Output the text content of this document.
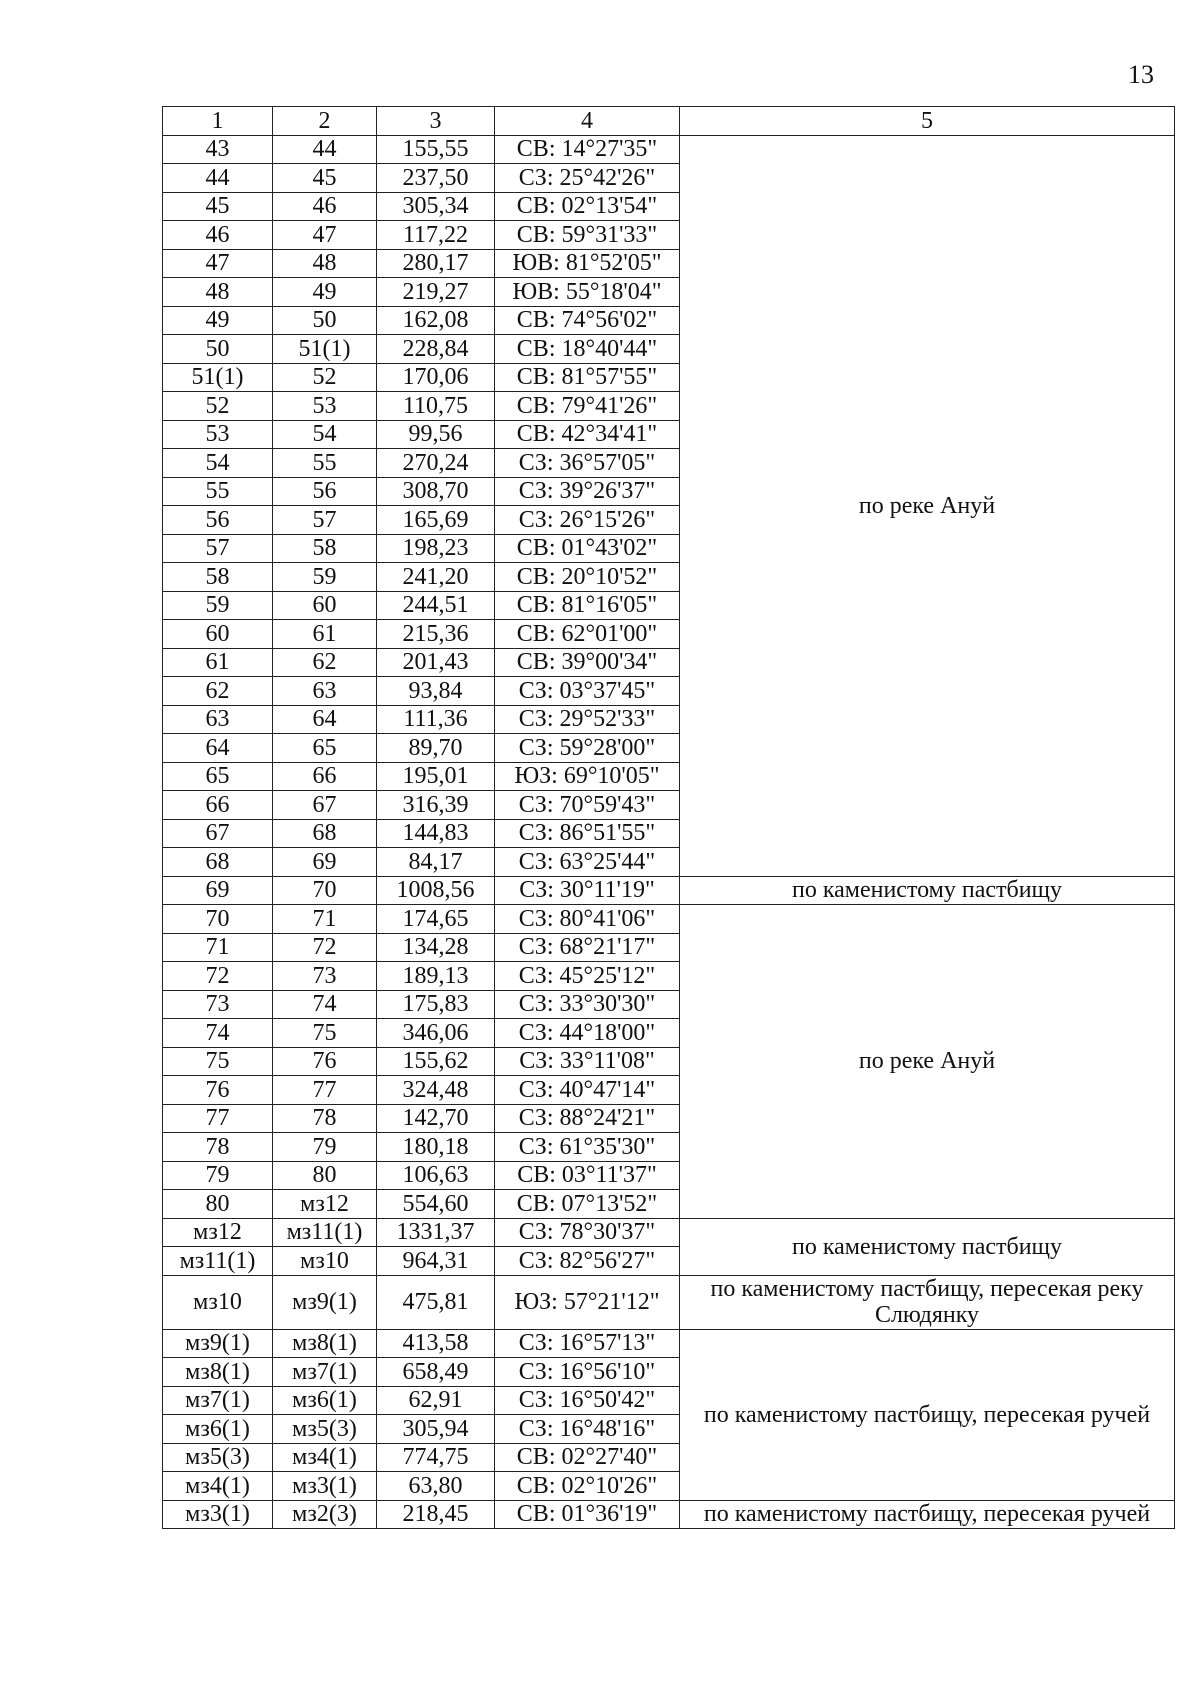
13
1	2	3	4	5
43	44	155,55	СВ: 14°27'35"	по реке Ануй
44	45	237,50	СЗ: 25°42'26"	
45	46	305,34	СВ: 02°13'54"	
46	47	117,22	СВ: 59°31'33"	
47	48	280,17	ЮВ: 81°52'05"	
48	49	219,27	ЮВ: 55°18'04"	
49	50	162,08	СВ: 74°56'02"	
50	51(1)	228,84	СВ: 18°40'44"	
51(1)	52	170,06	СВ: 81°57'55"	
52	53	110,75	СВ: 79°41'26"	
53	54	99,56	СВ: 42°34'41"	
54	55	270,24	СЗ: 36°57'05"	
55	56	308,70	СЗ: 39°26'37"	
56	57	165,69	СЗ: 26°15'26"	
57	58	198,23	СВ: 01°43'02"	
58	59	241,20	СВ: 20°10'52"	
59	60	244,51	СВ: 81°16'05"	
60	61	215,36	СВ: 62°01'00"	
61	62	201,43	СВ: 39°00'34"	
62	63	93,84	СЗ: 03°37'45"	
63	64	111,36	СЗ: 29°52'33"	
64	65	89,70	СЗ: 59°28'00"	
65	66	195,01	ЮЗ: 69°10'05"	
66	67	316,39	СЗ: 70°59'43"	
67	68	144,83	СЗ: 86°51'55"	
68	69	84,17	СЗ: 63°25'44"	
69	70	1008,56	СЗ: 30°11'19"	по каменистому пастбищу
70	71	174,65	СЗ: 80°41'06"	по реке Ануй
71	72	134,28	СЗ: 68°21'17"	
72	73	189,13	СЗ: 45°25'12"	
73	74	175,83	СЗ: 33°30'30"	
74	75	346,06	СЗ: 44°18'00"	
75	76	155,62	СЗ: 33°11'08"	
76	77	324,48	СЗ: 40°47'14"	
77	78	142,70	СЗ: 88°24'21"	
78	79	180,18	СЗ: 61°35'30"	
79	80	106,63	СВ: 03°11'37"	
80	мз12	554,60	СВ: 07°13'52"	
мз12	мз11(1)	1331,37	СЗ: 78°30'37"	по каменистому пастбищу
мз11(1)	мз10	964,31	СЗ: 82°56'27"	
мз10	мз9(1)	475,81	ЮЗ: 57°21'12"	по каменистому пастбищу, пересекая реку Слюдянку
мз9(1)	мз8(1)	413,58	СЗ: 16°57'13"	по каменистому пастбищу, пересекая ручей
мз8(1)	мз7(1)	658,49	СЗ: 16°56'10"	
мз7(1)	мз6(1)	62,91	СЗ: 16°50'42"	
мз6(1)	мз5(3)	305,94	СЗ: 16°48'16"	
мз5(3)	мз4(1)	774,75	СВ: 02°27'40"	
мз4(1)	мз3(1)	63,80	СВ: 02°10'26"	
мз3(1)	мз2(3)	218,45	СВ: 01°36'19"	по каменистому пастбищу, пересекая ручей
